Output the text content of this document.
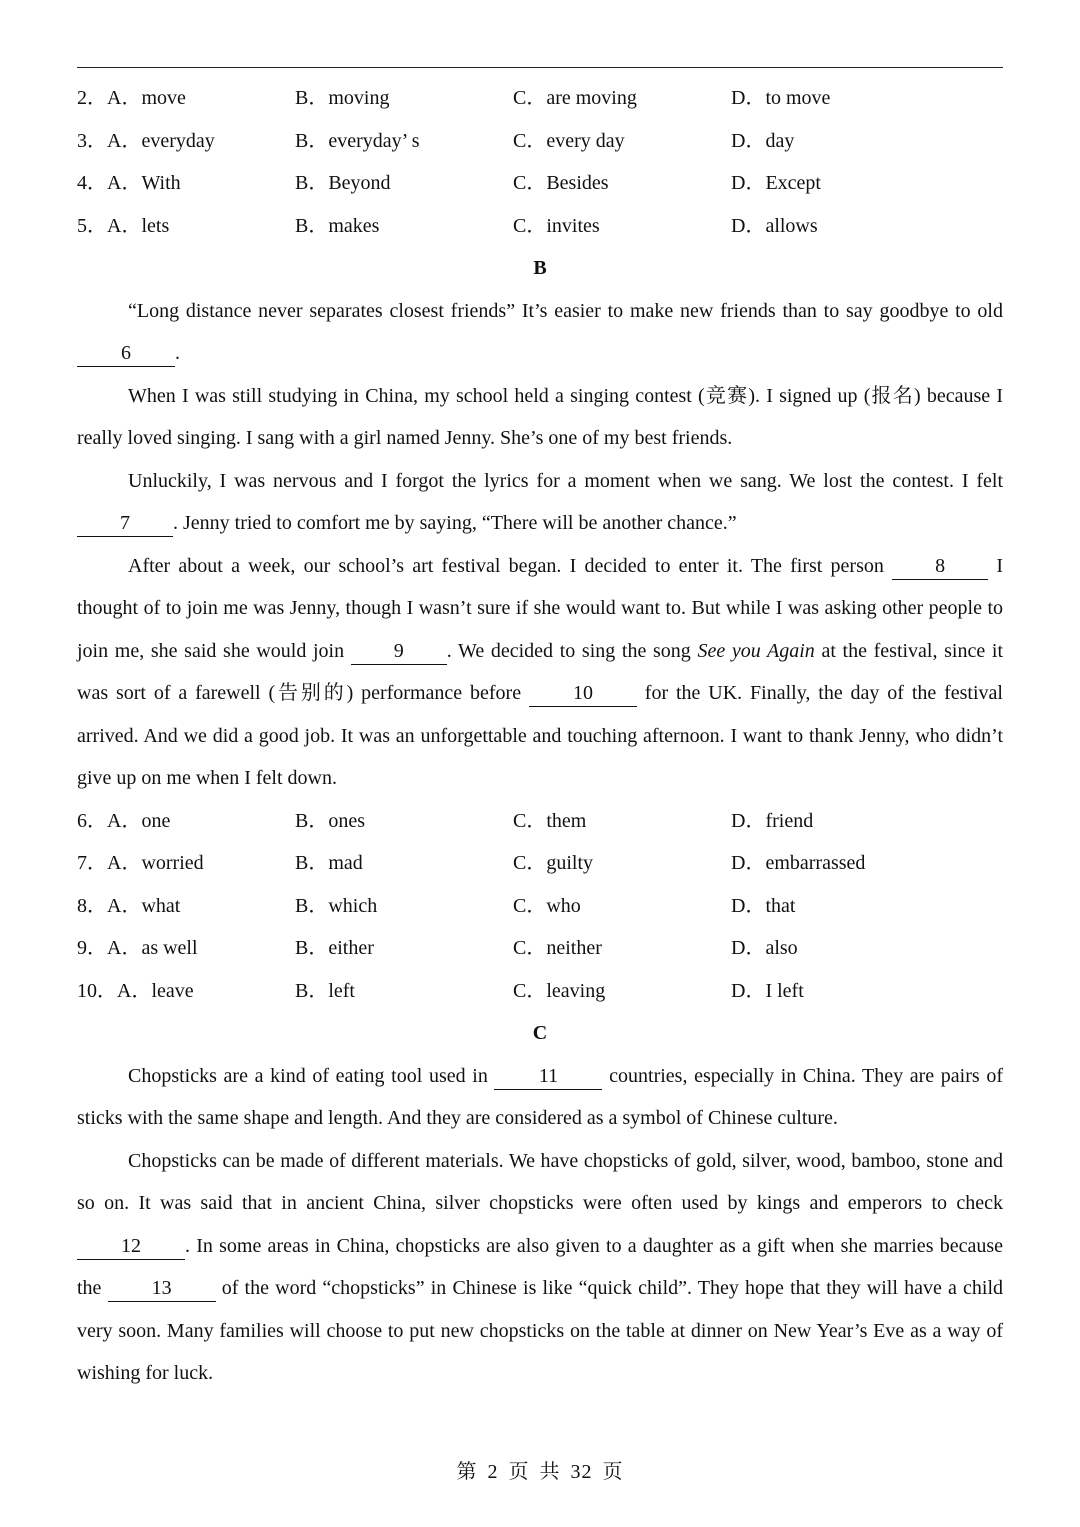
2．A．move	B．moving	C．are moving	D．to move
3．A．everyday	B．everyday’ s	C．every day	D．day
4．A．With	B．Beyond	C．Besides	D．Except
5．A．lets	B．makes	C．invites	D．allows
B

“Long distance never separates closest friends” It’s easier to make new friends than to say goodbye to old 6 .

When I was still studying in China, my school held a singing contest (竞赛). I signed up (报名) because I really loved singing. I sang with a girl named Jenny. She’s one of my best friends.

Unluckily, I was nervous and I forgot the lyrics for a moment when we sang. We lost the contest. I felt 7 . Jenny tried to comfort me by saying, “There will be another chance.”

After about a week, our school’s art festival began. I decided to enter it. The first person 8 I thought of to join me was Jenny, though I wasn’t sure if she would want to. But while I was asking other people to join me, she said she would join 9 . We decided to sing the song See you Again at the festival, since it was sort of a farewell (告别的) performance before 10 for the UK. Finally, the day of the festival arrived. And we did a good job. It was an unforgettable and touching afternoon. I want to thank Jenny, who didn’t give up on me when I felt down.

6．A．one	B．ones	C．them	D．friend
7．A．worried	B．mad	C．guilty	D．embarrassed
8．A．what	B．which	C．who	D．that
9．A．as well	B．either	C．neither	D．also
10．A．leave	B．left	C．leaving	D．I left
C

Chopsticks are a kind of eating tool used in 11 countries, especially in China. They are pairs of sticks with the same shape and length. And they are considered as a symbol of Chinese culture.

Chopsticks can be made of different materials. We have chopsticks of gold, silver, wood, bamboo, stone and so on. It was said that in ancient China, silver chopsticks were often used by kings and emperors to check 12 . In some areas in China, chopsticks are also given to a daughter as a gift when she marries because the 13 of the word “chopsticks” in Chinese is like “quick child”. They hope that they will have a child very soon. Many families will choose to put new chopsticks on the table at dinner on New Year’s Eve as a way of wishing for luck.

第 2 页 共 32 页
